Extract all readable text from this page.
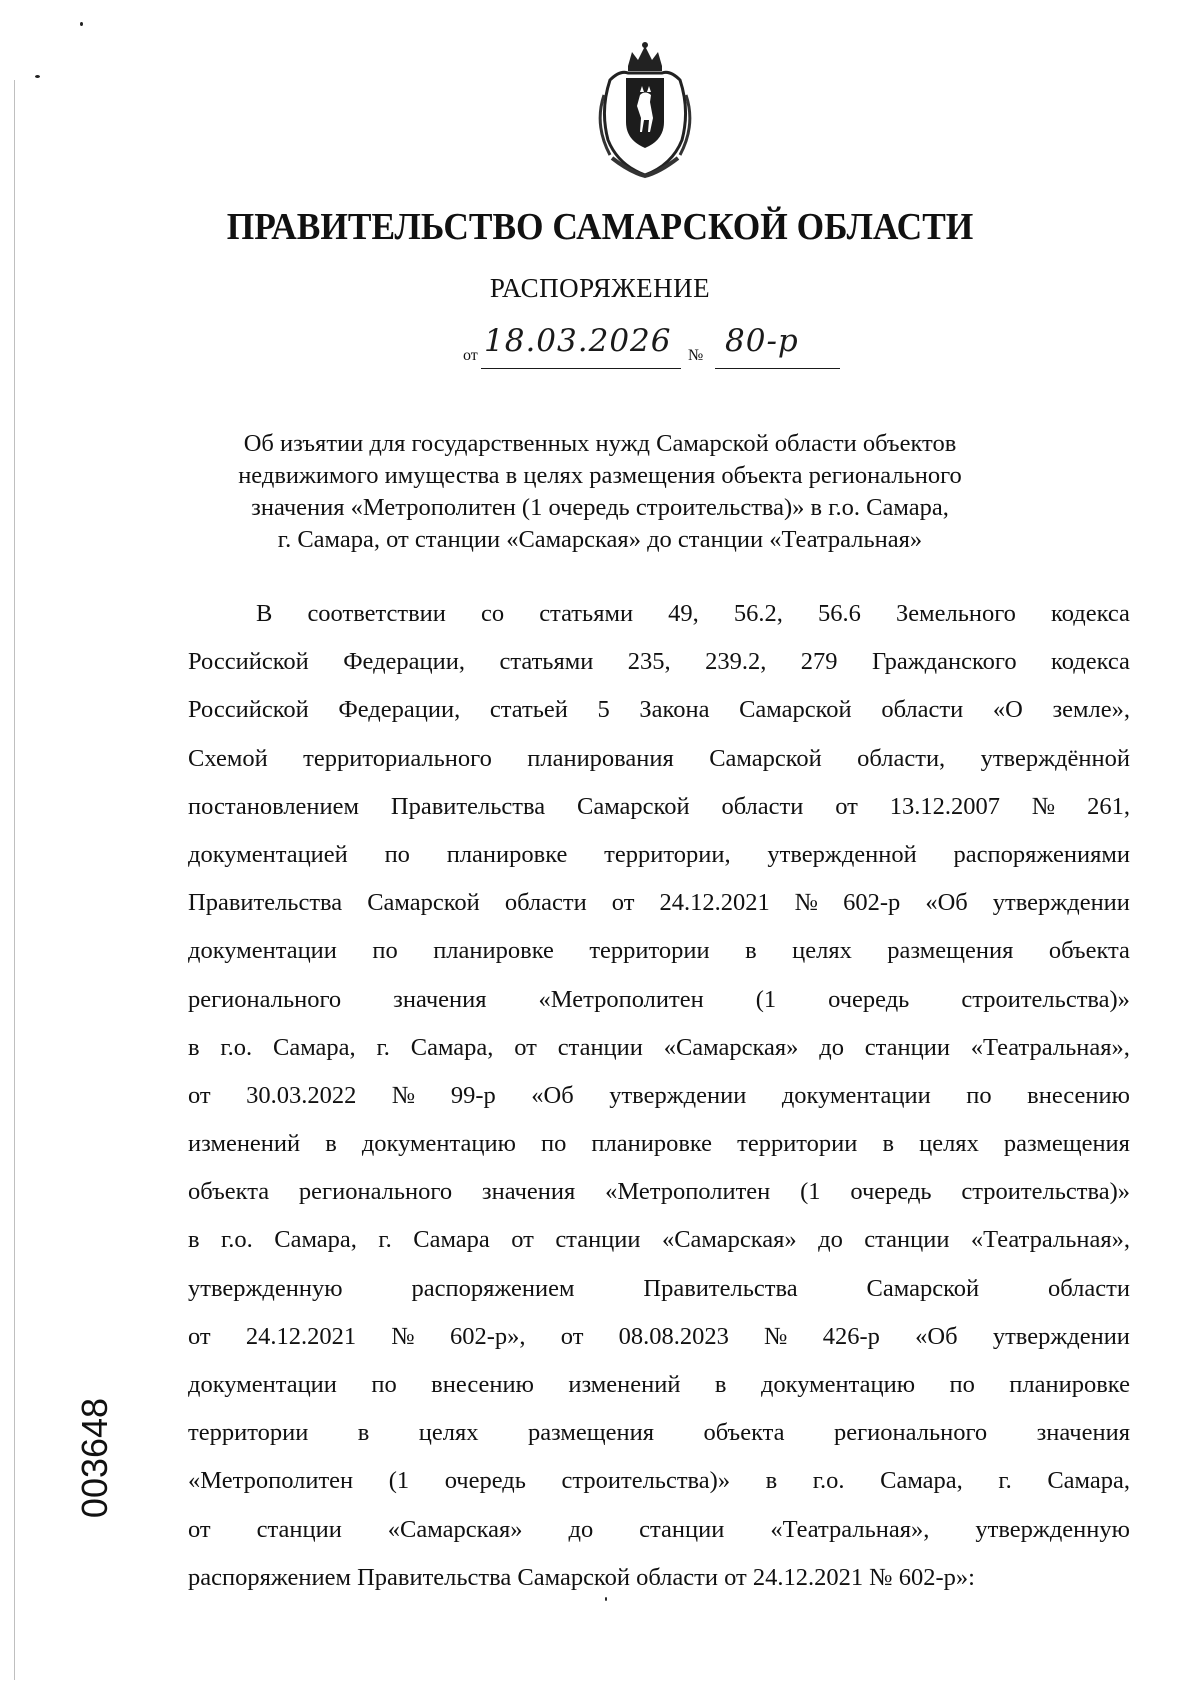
ПРАВИТЕЛЬСТВО САМАРСКОЙ ОБЛАСТИ
РАСПОРЯЖЕНИЕ
от 18.03.2026 № 80-р
Об изъятии для государственных нужд Самарской области объектов
недвижимого имущества в целях размещения объекта регионального
значения «Метрополитен (1 очередь строительства)» в г.о. Самара,
г. Самара, от станции «Самарская» до станции «Театральная»
В соответствии со статьями 49, 56.2, 56.6 Земельного кодекса
Российской Федерации, статьями 235, 239.2, 279 Гражданского кодекса
Российской Федерации, статьей 5 Закона Самарской области «О земле»,
Схемой территориального планирования Самарской области, утверждённой
постановлением Правительства Самарской области от 13.12.2007 № 261,
документацией по планировке территории, утвержденной распоряжениями
Правительства Самарской области от 24.12.2021 № 602-р «Об утверждении
документации по планировке территории в целях размещения объекта
регионального значения «Метрополитен (1 очередь строительства)»
в г.о. Самара, г. Самара, от станции «Самарская» до станции «Театральная»,
от 30.03.2022 № 99-р «Об утверждении документации по внесению
изменений в документацию по планировке территории в целях размещения
объекта регионального значения «Метрополитен (1 очередь строительства)»
в г.о. Самара, г. Самара от станции «Самарская» до станции «Театральная»,
утвержденную	распоряжением	Правительства	Самарской	области
от 24.12.2021 № 602-р», от 08.08.2023 № 426-р «Об утверждении
документации по внесению изменений в документацию по планировке
территории в целях размещения объекта регионального значения
«Метрополитен (1 очередь строительства)» в г.о. Самара, г. Самара,
от станции «Самарская» до станции «Театральная», утвержденную
распоряжением Правительства Самарской области от 24.12.2021 № 602-р»:
003648
